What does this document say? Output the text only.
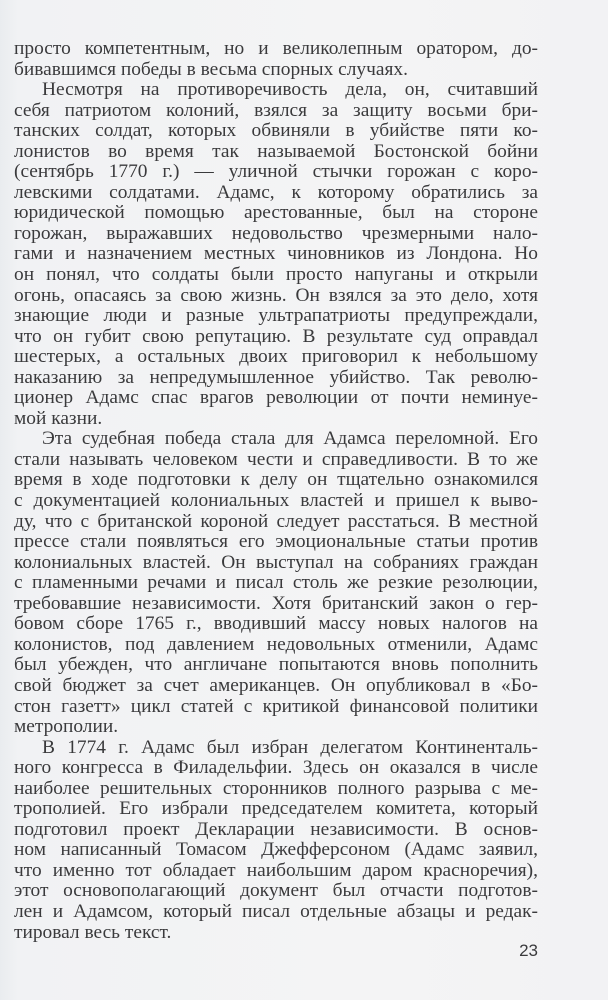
просто компетентным, но и великолепным оратором, до-
бивавшимся победы в весьма спорных случаях.

Несмотря на противоречивость дела, он, считавший
себя патриотом колоний, взялся за защиту восьми бри-
танских солдат, которых обвиняли в убийстве пяти ко-
лонистов во время так называемой Бостонской бойни
(сентябрь 1770 г.) — уличной стычки горожан с коро-
левскими солдатами. Адамс, к которому обратились за
юридической помощью арестованные, был на стороне
горожан, выражавших недовольство чрезмерными нало-
гами и назначением местных чиновников из Лондона. Но
он понял, что солдаты были просто напуганы и открыли
огонь, опасаясь за свою жизнь. Он взялся за это дело, хотя
знающие люди и разные ультрапатриоты предупреждали,
что он губит свою репутацию. В результате суд оправдал
шестерых, а остальных двоих приговорил к небольшому
наказанию за непредумышленное убийство. Так револю-
ционер Адамс спас врагов революции от почти неминуе-
мой казни.

Эта судебная победа стала для Адамса переломной. Его
стали называть человеком чести и справедливости. В то же
время в ходе подготовки к делу он тщательно ознакомился
с документацией колониальных властей и пришел к выво-
ду, что с британской короной следует расстаться. В местной
прессе стали появляться его эмоциональные статьи против
колониальных властей. Он выступал на собраниях граждан
с пламенными речами и писал столь же резкие резолюции,
требовавшие независимости. Хотя британский закон о гер-
бовом сборе 1765 г., вводивший массу новых налогов на
колонистов, под давлением недовольных отменили, Адамс
был убежден, что англичане попытаются вновь пополнить
свой бюджет за счет американцев. Он опубликовал в «Бо-
стон газетт» цикл статей с критикой финансовой политики
метрополии.

В 1774 г. Адамс был избран делегатом Континенталь-
ного конгресса в Филадельфии. Здесь он оказался в числе
наиболее решительных сторонников полного разрыва с ме-
трополией. Его избрали председателем комитета, который
подготовил проект Декларации независимости. В основ-
ном написанный Томасом Джефферсоном (Адамс заявил,
что именно тот обладает наибольшим даром красноречия),
этот основополагающий документ был отчасти подготов-
лен и Адамсом, который писал отдельные абзацы и редак-
тировал весь текст.

23
